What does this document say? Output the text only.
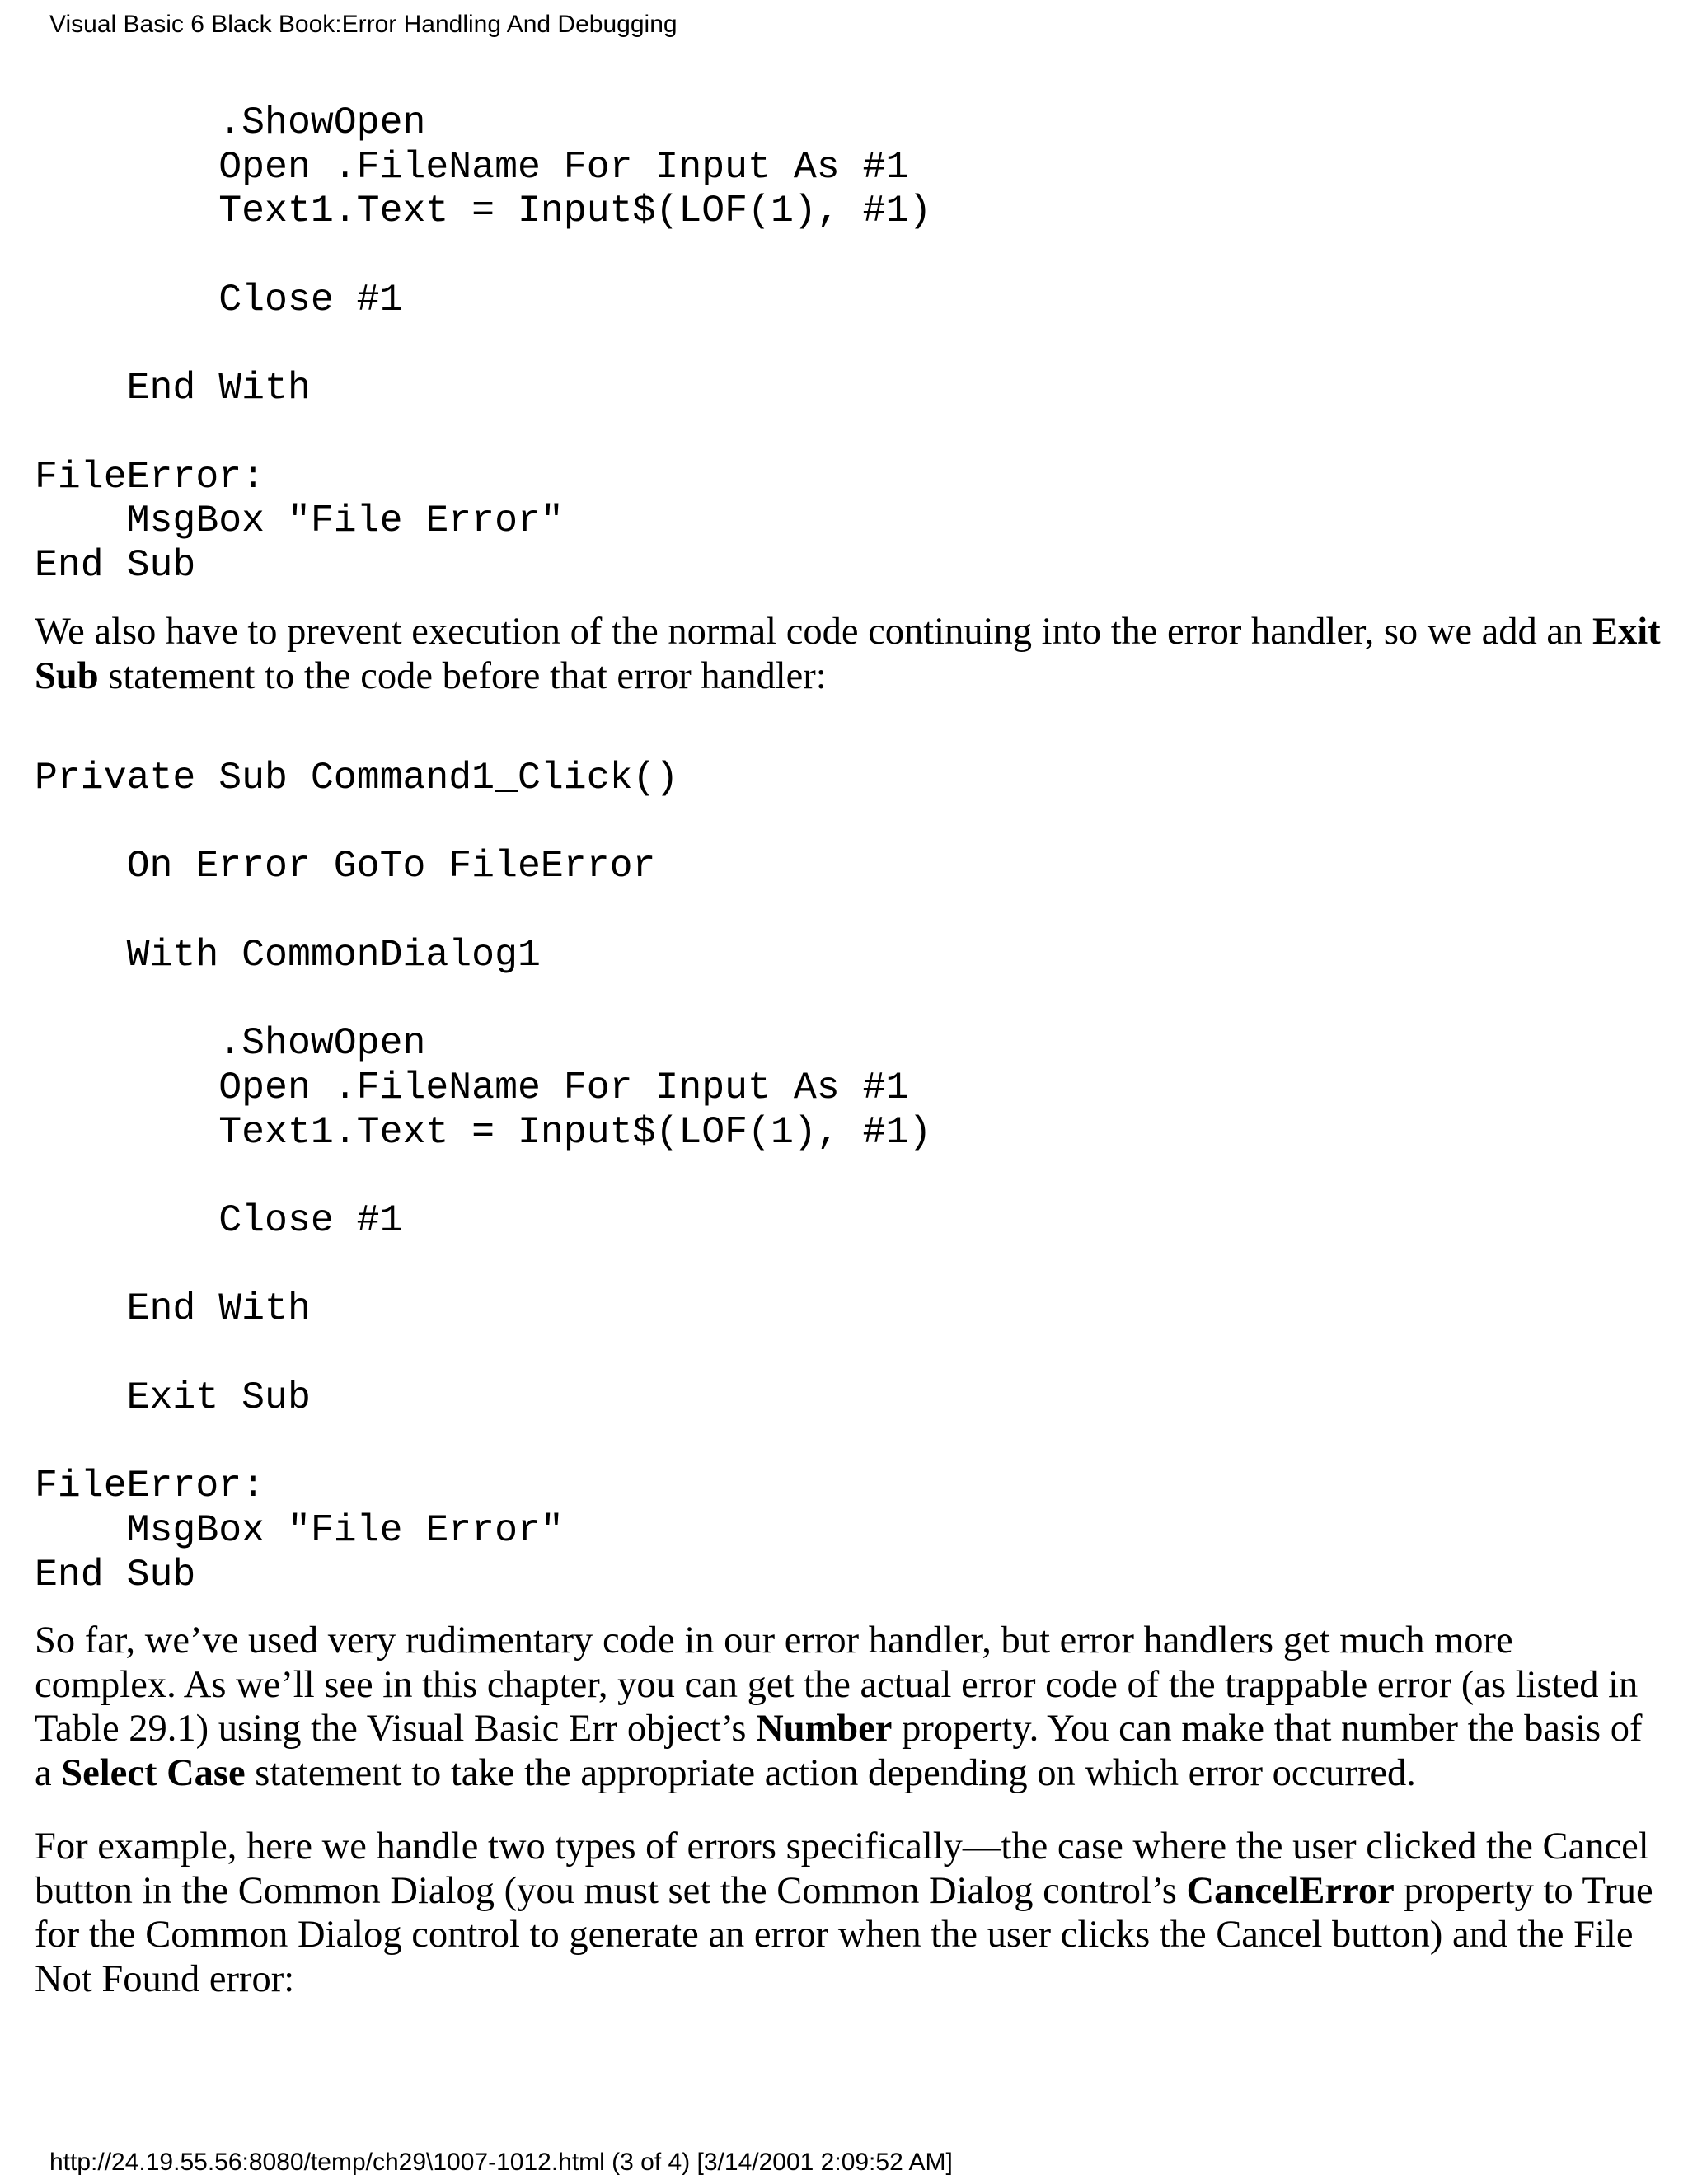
Visual Basic 6 Black Book:Error Handling And Debugging
.ShowOpen
Open .FileName For Input As #1
Text1.Text = Input$(LOF(1), #1)

Close #1

End With

FileError:
MsgBox "File Error"
End Sub

We also have to prevent execution of the normal code continuing into the error handler, so we add an Exit Sub statement to the code before that error handler:

Private Sub Command1_Click()

On Error GoTo FileError

With CommonDialog1

.ShowOpen
Open .FileName For Input As #1
Text1.Text = Input$(LOF(1), #1)

Close #1

End With

Exit Sub

FileError:
MsgBox "File Error"
End Sub

So far, we’ve used very rudimentary code in our error handler, but error handlers get much more complex. As we’ll see in this chapter, you can get the actual error code of the trappable error (as listed in Table 29.1) using the Visual Basic Err object’s Number property. You can make that number the basis of a Select Case statement to take the appropriate action depending on which error occurred.

For example, here we handle two types of errors specifically—the case where the user clicked the Cancel button in the Common Dialog (you must set the Common Dialog control’s CancelError property to True for the Common Dialog control to generate an error when the user clicks the Cancel button) and the File Not Found error:

http://24.19.55.56:8080/temp/ch29\1007-1012.html (3 of 4) [3/14/2001 2:09:52 AM]
